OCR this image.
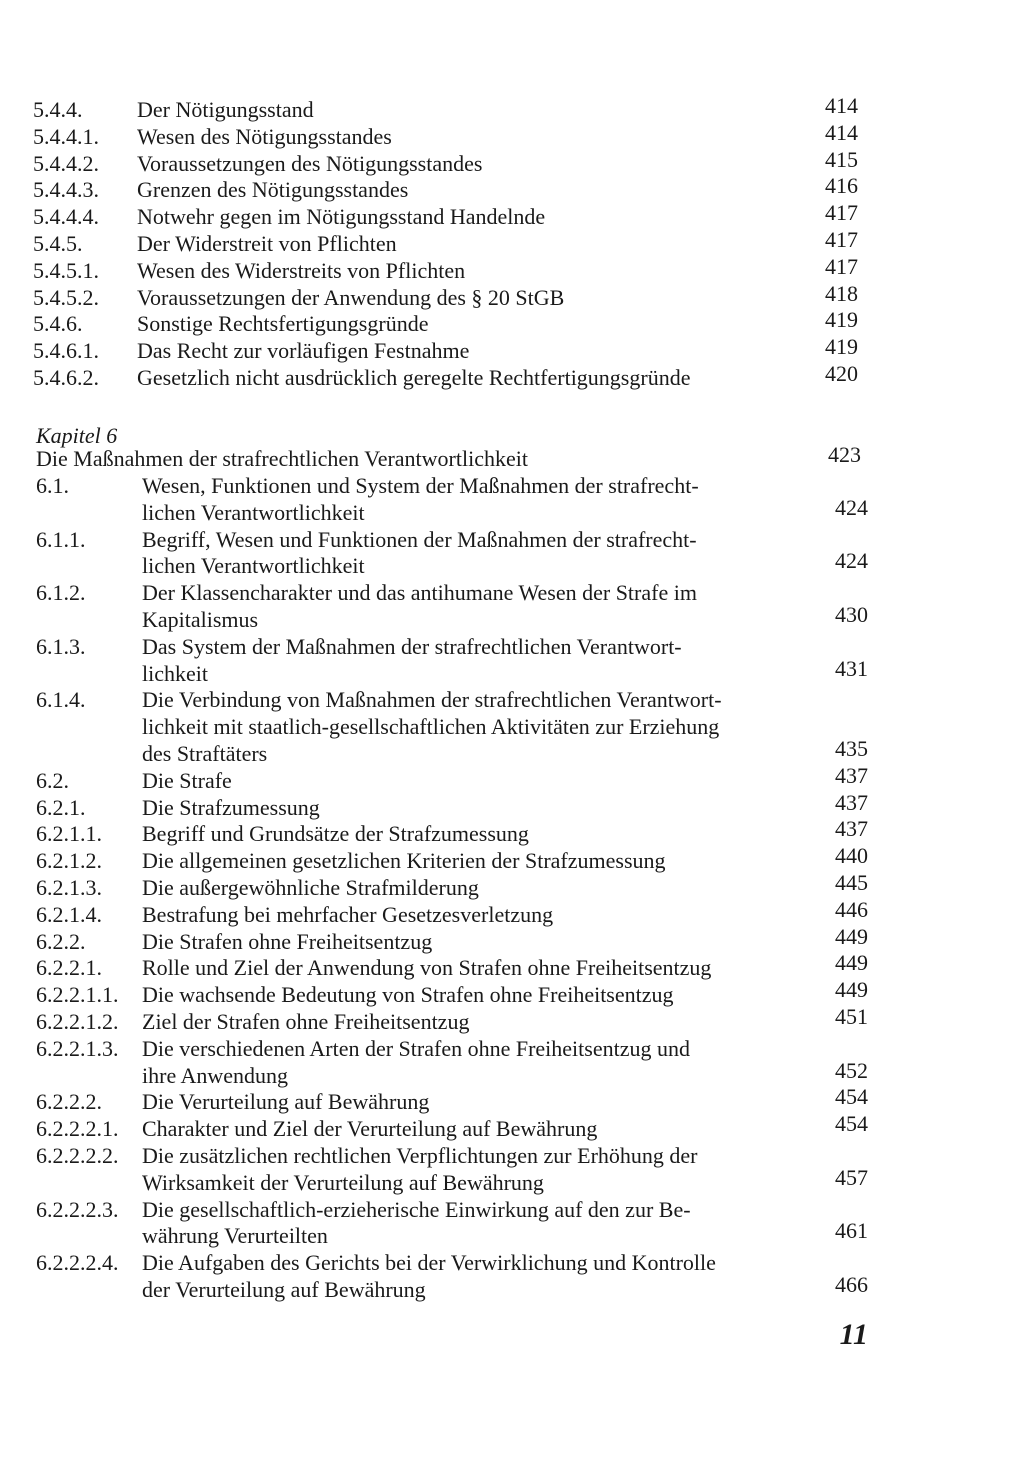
5.4.4. Der Nötigungsstand	414
5.4.4.1. Wesen des Nötigungsstandes	414
5.4.4.2. Voraussetzungen des Nötigungsstandes	415
5.4.4.3. Grenzen des Nötigungsstandes	416
5.4.4.4. Notwehr gegen im Nötigungsstand Handelnde	417
5.4.5. Der Widerstreit von Pflichten	417
5.4.5.1. Wesen des Widerstreits von Pflichten	417
5.4.5.2. Voraussetzungen der Anwendung des § 20 StGB	418
5.4.6. Sonstige Rechtsfertigungsgründe	419
5.4.6.1. Das Recht zur vorläufigen Festnahme	419
5.4.6.2. Gesetzlich nicht ausdrücklich geregelte Rechtfertigungsgründe	420
Kapitel 6
Die Maßnahmen der strafrechtlichen Verantwortlichkeit	423
6.1.	Wesen, Funktionen und System der Maßnahmen der strafrecht-
lichen Verantwortlichkeit	424
6.1.1.	Begriff, Wesen und Funktionen der Maßnahmen der strafrecht-
lichen Verantwortlichkeit	424
6.1.2.	Der Klassencharakter und das antihumane Wesen der Strafe im
Kapitalismus	430
6.1.3.	Das System der Maßnahmen der strafrechtlichen Verantwort-
lichkeit	431
6.1.4.	Die Verbindung von Maßnahmen der strafrechtlichen Verantwort-
lichkeit mit staatlich-gesellschaftlichen Aktivitäten zur Erziehung
des Straftäters	435
6.2.	Die Strafe	437
6.2.1.	Die Strafzumessung	437
6.2.1.1. Begriff und Grundsätze der Strafzumessung	437
6.2.1.2. Die allgemeinen gesetzlichen Kriterien der Strafzumessung	440
6.2.1.3. Die außergewöhnliche Strafmilderung	445
6.2.1.4. Bestrafung bei mehrfacher Gesetzesverletzung	446
6.2.2.	Die Strafen ohne Freiheitsentzug	449
6.2.2.1. Rolle und Ziel der Anwendung von Strafen ohne Freiheitsentzug	449
6.2.2.1.1. Die wachsende Bedeutung von Strafen ohne Freiheitsentzug	449
6.2.2.1.2. Ziel der Strafen ohne Freiheitsentzug	451
6.2.2.1.3. Die verschiedenen Arten der Strafen ohne Freiheitsentzug und
ihre Anwendung	452
6.2.2.2. Die Verurteilung auf Bewährung	454
6.2.2.2.1. Charakter und Ziel der Verurteilung auf Bewährung	454
6.2.2.2.2. Die zusätzlichen rechtlichen Verpflichtungen zur Erhöhung der
Wirksamkeit der Verurteilung auf Bewährung	457
6.2.2.2.3. Die gesellschaftlich-erzieherische Einwirkung auf den zur Be-
währung Verurteilten	461
6.2.2.2.4. Die Aufgaben des Gerichts bei der Verwirklichung und Kontrolle
der Verurteilung auf Bewährung	466
11
